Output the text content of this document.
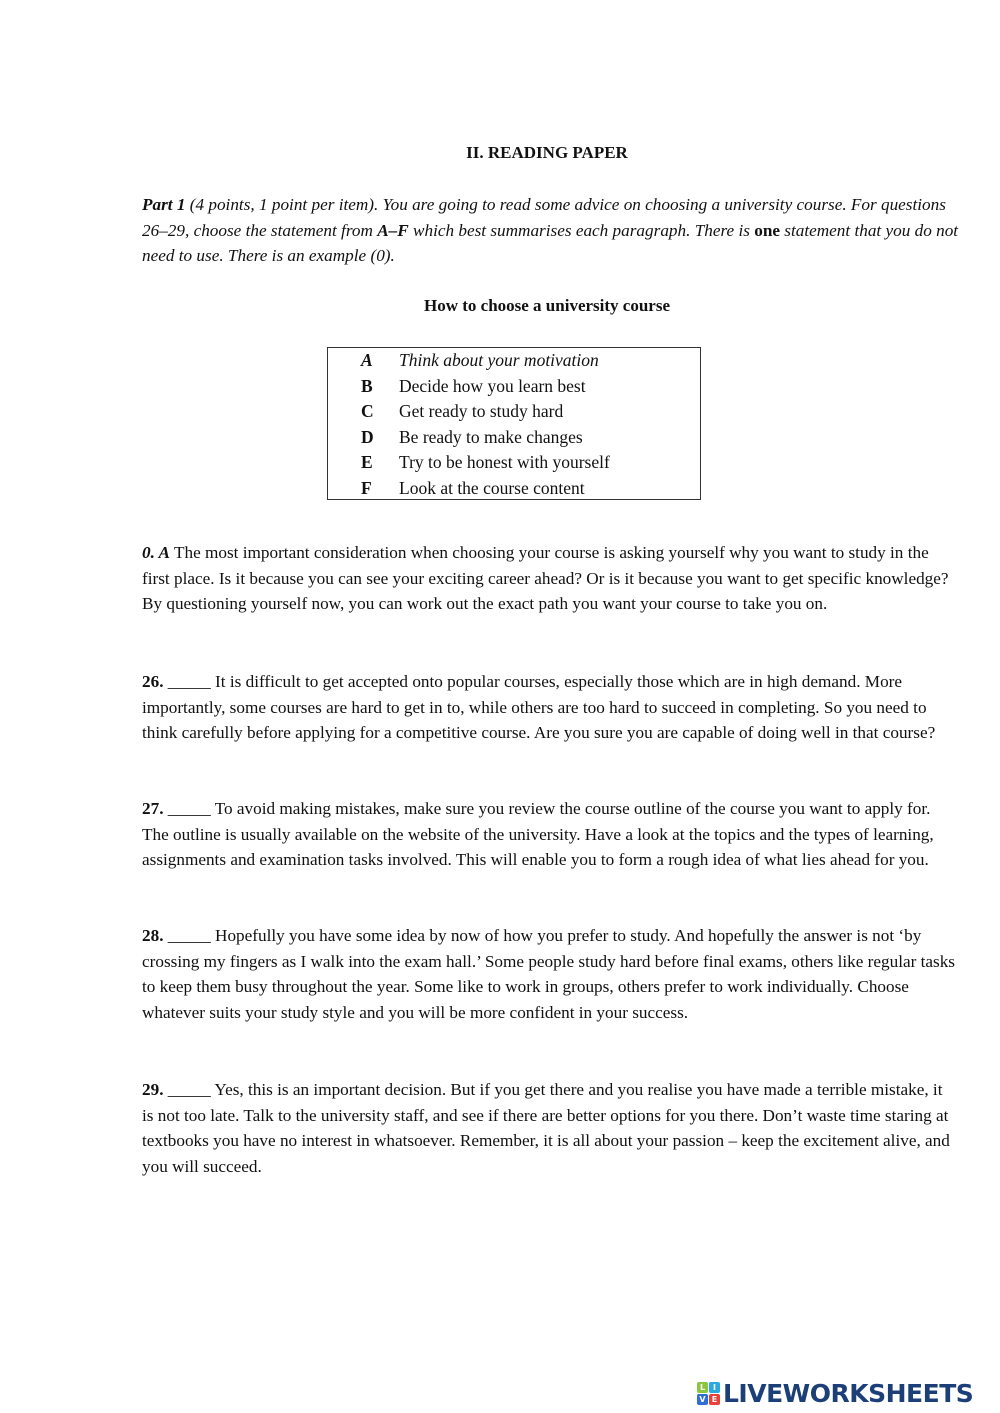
II. READING PAPER
Part 1 (4 points, 1 point per item). You are going to read some advice on choosing a university course. For questions 26–29, choose the statement from A–F which best summarises each paragraph. There is one statement that you do not need to use. There is an example (0).
How to choose a university course
A	Think about your motivation
B	Decide how you learn best
C	Get ready to study hard
D	Be ready to make changes
E	Try to be honest with yourself
F	Look at the course content
0. A The most important consideration when choosing your course is asking yourself why you want to study in the first place. Is it because you can see your exciting career ahead? Or is it because you want to get specific knowledge? By questioning yourself now, you can work out the exact path you want your course to take you on.
26. _____ It is difficult to get accepted onto popular courses, especially those which are in high demand. More importantly, some courses are hard to get in to, while others are too hard to succeed in completing. So you need to think carefully before applying for a competitive course. Are you sure you are capable of doing well in that course?
27. _____ To avoid making mistakes, make sure you review the course outline of the course you want to apply for. The outline is usually available on the website of the university. Have a look at the topics and the types of learning, assignments and examination tasks involved. This will enable you to form a rough idea of what lies ahead for you.
28. _____ Hopefully you have some idea by now of how you prefer to study. And hopefully the answer is not ‘by crossing my fingers as I walk into the exam hall.’ Some people study hard before final exams, others like regular tasks to keep them busy throughout the year. Some like to work in groups, others prefer to work individually. Choose whatever suits your study style and you will be more confident in your success.
29. _____ Yes, this is an important decision. But if you get there and you realise you have made a terrible mistake, it is not too late. Talk to the university staff, and see if there are better options for you there. Don’t waste time staring at textbooks you have no interest in whatsoever. Remember, it is all about your passion – keep the excitement alive, and you will succeed.
L I
V E LIVEWORKSHEETS
